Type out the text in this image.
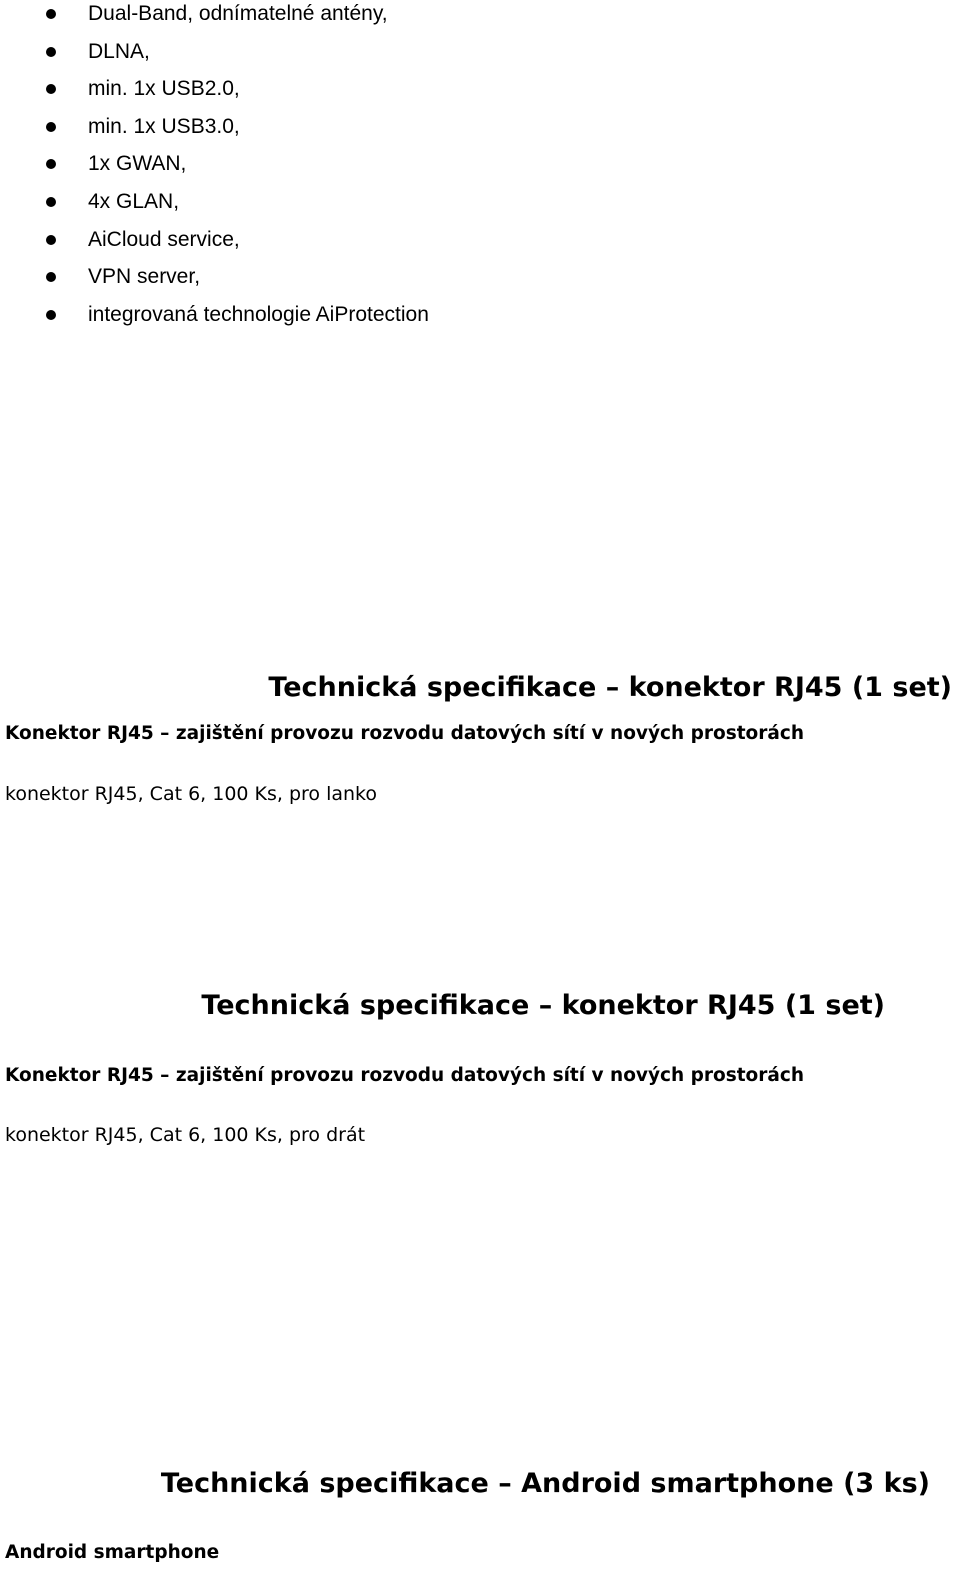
Dual-Band, odnímatelné antény,
DLNA,
min. 1x USB2.0,
min. 1x USB3.0,
1x GWAN,
4x GLAN,
AiCloud service,
VPN server,
integrovaná technologie AiProtection
Technická specifikace – konektor RJ45 (1 set)

Konektor RJ45 – zajištění provozu rozvodu datových sítí v nových prostorách

konektor RJ45, Cat 6, 100 Ks, pro lanko

Technická specifikace – konektor RJ45 (1 set)

Konektor RJ45 – zajištění provozu rozvodu datových sítí v nových prostorách

konektor RJ45, Cat 6, 100 Ks, pro drát

Technická specifikace – Android smartphone (3 ks)

Android smartphone
